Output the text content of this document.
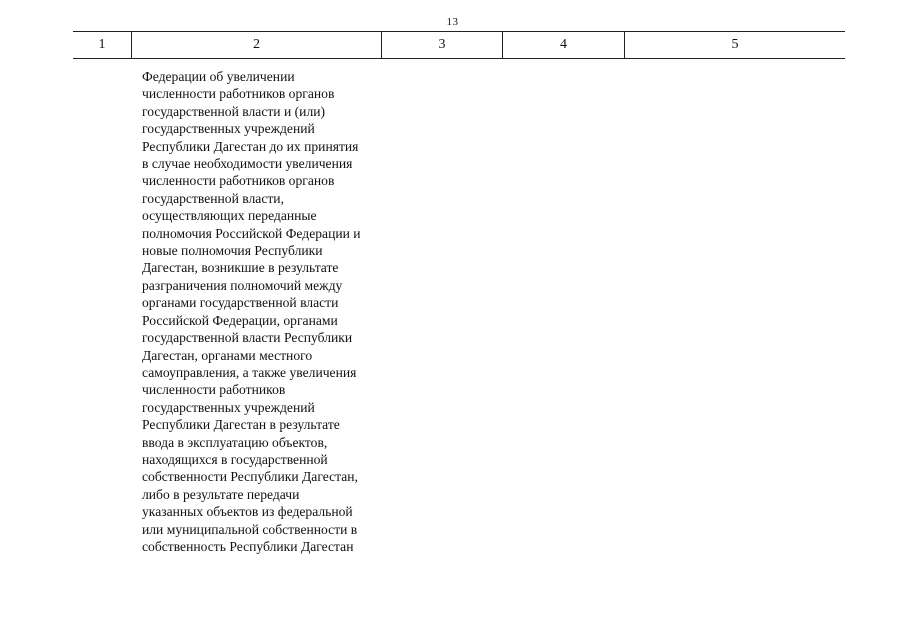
13
1	2	3	4	5

Федерации об увеличении
численности работников органов
государственной власти и (или)
государственных учреждений
Республики Дагестан до их принятия
в случае необходимости увеличения
численности работников органов
государственной власти,
осуществляющих переданные
полномочия Российской Федерации и
новые полномочия Республики
Дагестан, возникшие в результате
разграничения полномочий между
органами государственной власти
Российской Федерации, органами
государственной власти Республики
Дагестан, органами местного
самоуправления, а также увеличения
численности работников
государственных учреждений
Республики Дагестан в результате
ввода в эксплуатацию объектов,
находящихся в государственной
собственности Республики Дагестан,
либо в результате передачи
указанных объектов из федеральной
или муниципальной собственности в
собственность Республики Дагестан
